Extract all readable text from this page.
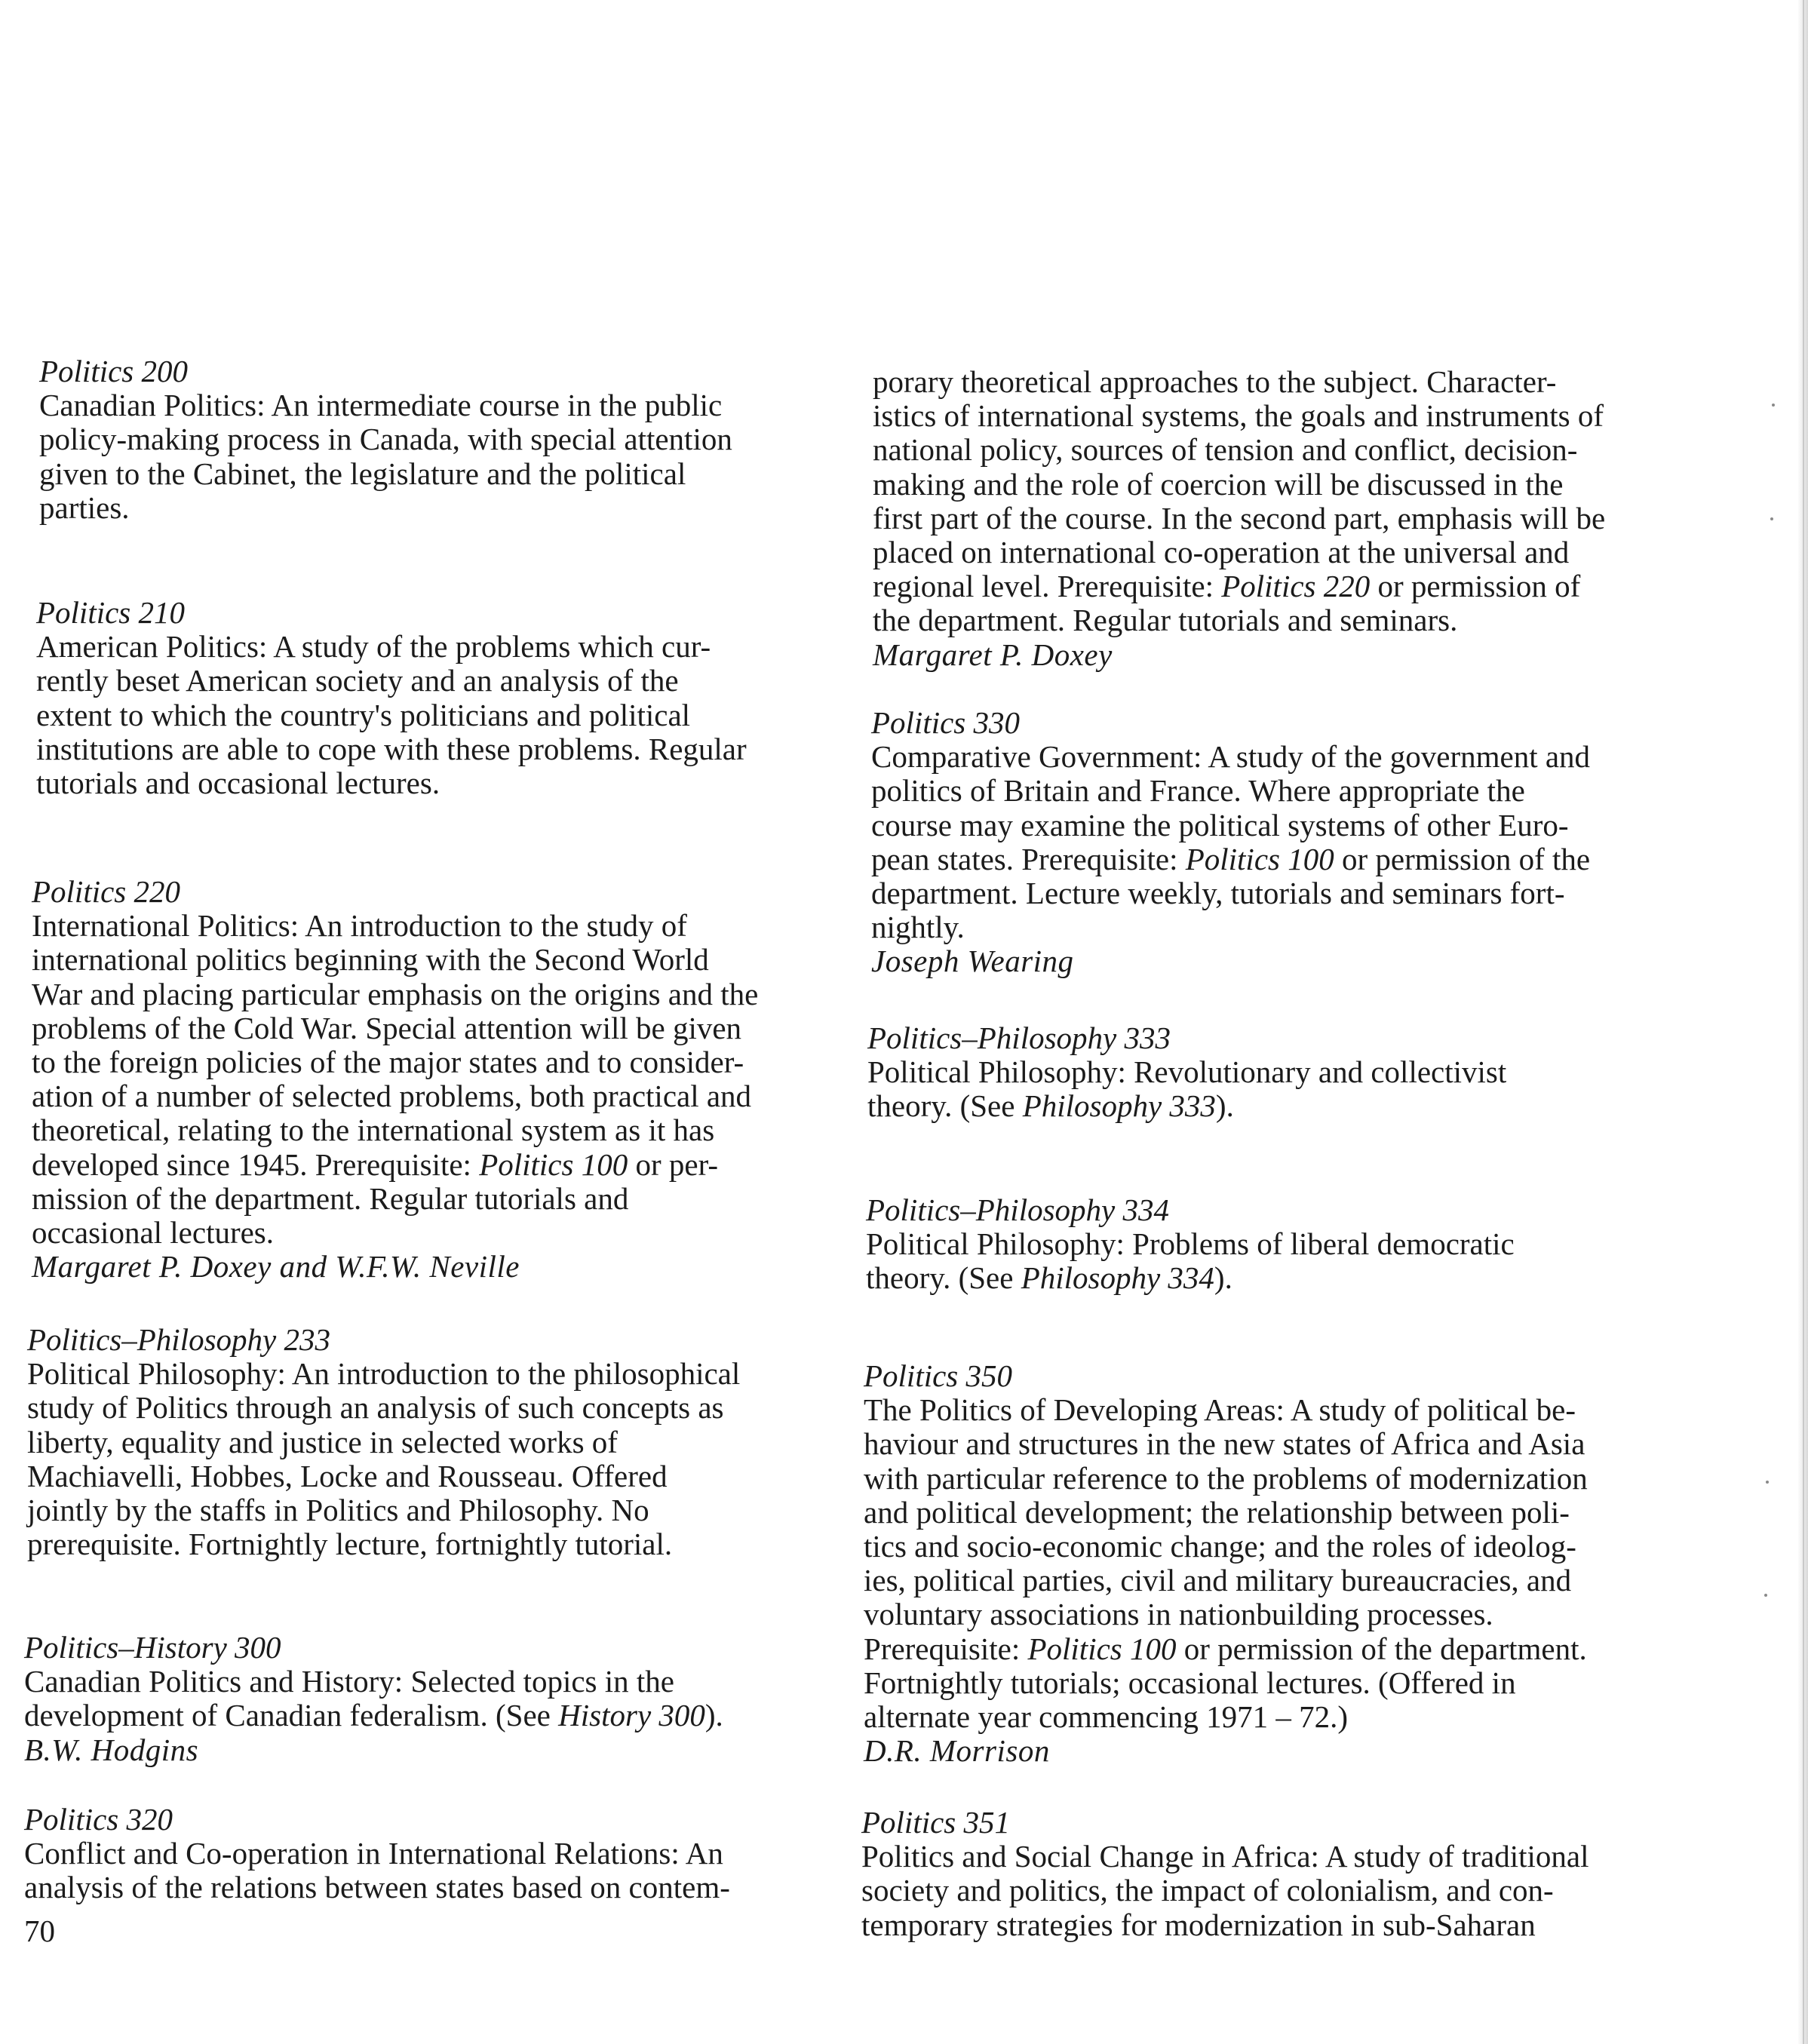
Politics 200
Canadian Politics: An intermediate course in the public
policy-making process in Canada, with special attention
given to the Cabinet, the legislature and the political
parties.
Politics 210
American Politics: A study of the problems which cur-
rently beset American society and an analysis of the
extent to which the country's politicians and political
institutions are able to cope with these problems. Regular
tutorials and occasional lectures.
Politics 220
International Politics: An introduction to the study of
international politics beginning with the Second World
War and placing particular emphasis on the origins and the
problems of the Cold War. Special attention will be given
to the foreign policies of the major states and to consider-
ation of a number of selected problems, both practical and
theoretical, relating to the international system as it has
developed since 1945. Prerequisite: Politics 100 or per-
mission of the department. Regular tutorials and
occasional lectures.
Margaret P. Doxey and W.F.W. Neville
Politics–Philosophy 233
Political Philosophy: An introduction to the philosophical
study of Politics through an analysis of such concepts as
liberty, equality and justice in selected works of
Machiavelli, Hobbes, Locke and Rousseau. Offered
jointly by the staffs in Politics and Philosophy. No
prerequisite. Fortnightly lecture, fortnightly tutorial.
Politics–History 300
Canadian Politics and History: Selected topics in the
development of Canadian federalism. (See History 300).
B.W. Hodgins
Politics 320
Conflict and Co-operation in International Relations: An
analysis of the relations between states based on contem-
porary theoretical approaches to the subject. Character-
istics of international systems, the goals and instruments of
national policy, sources of tension and conflict, decision-
making and the role of coercion will be discussed in the
first part of the course. In the second part, emphasis will be
placed on international co-operation at the universal and
regional level. Prerequisite: Politics 220 or permission of
the department. Regular tutorials and seminars.
Margaret P. Doxey
Politics 330
Comparative Government: A study of the government and
politics of Britain and France. Where appropriate the
course may examine the political systems of other Euro-
pean states. Prerequisite: Politics 100 or permission of the
department. Lecture weekly, tutorials and seminars fort-
nightly.
Joseph Wearing
Politics–Philosophy 333
Political Philosophy: Revolutionary and collectivist
theory. (See Philosophy 333).
Politics–Philosophy 334
Political Philosophy: Problems of liberal democratic
theory. (See Philosophy 334).
Politics 350
The Politics of Developing Areas: A study of political be-
haviour and structures in the new states of Africa and Asia
with particular reference to the problems of modernization
and political development; the relationship between poli-
tics and socio-economic change; and the roles of ideolog-
ies, political parties, civil and military bureaucracies, and
voluntary associations in nationbuilding processes.
Prerequisite: Politics 100 or permission of the department.
Fortnightly tutorials; occasional lectures. (Offered in
alternate year commencing 1971 – 72.)
D.R. Morrison
Politics 351
Politics and Social Change in Africa: A study of traditional
society and politics, the impact of colonialism, and con-
temporary strategies for modernization in sub-Saharan
70
